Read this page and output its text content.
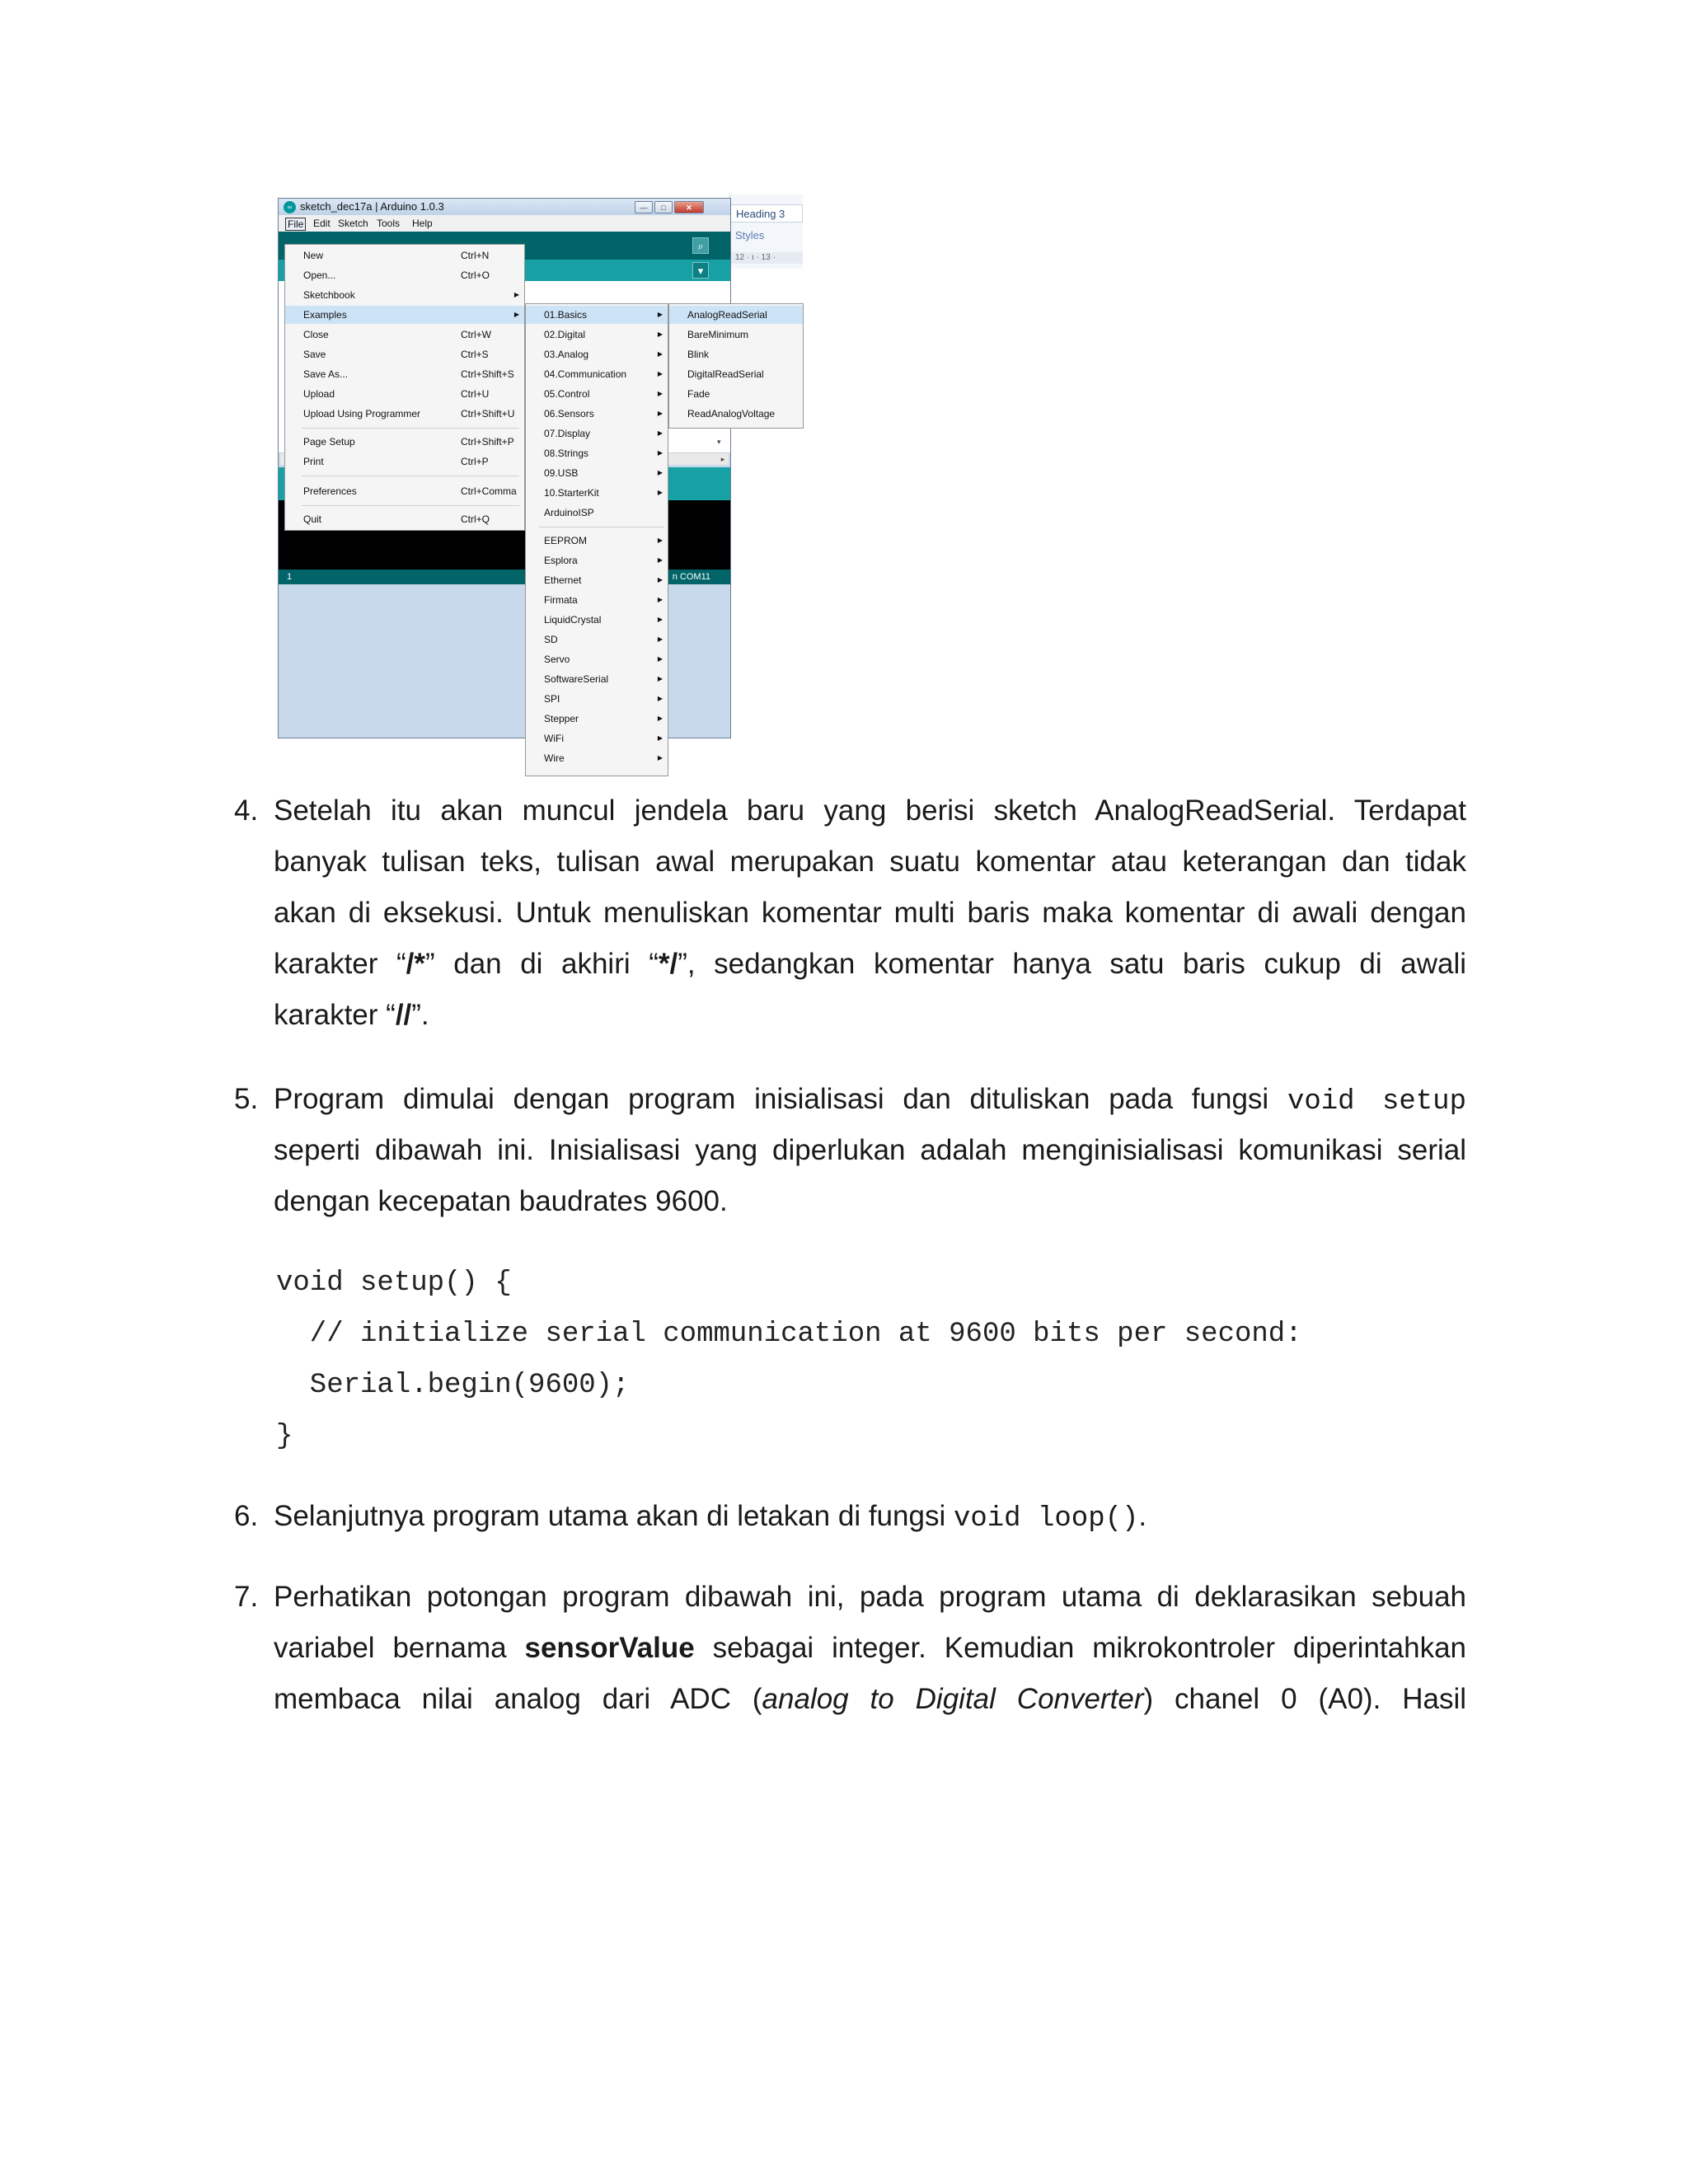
Heading 3
Styles
12 · ı · 13 ·
∞ sketch_dec17a | Arduino 1.0.3	—	□	✕
File Edit Sketch Tools Help
⌕
▾
▾
▸
1	n COM11
New	Ctrl+N
Open...	Ctrl+O
Sketchbook	▶
Examples	▶
Close	Ctrl+W
Save	Ctrl+S
Save As...	Ctrl+Shift+S
Upload	Ctrl+U
Upload Using Programmer	Ctrl+Shift+U
Page Setup	Ctrl+Shift+P
Print	Ctrl+P
Preferences	Ctrl+Comma
Quit	Ctrl+Q
01.Basics	▶
02.Digital	▶
03.Analog	▶
04.Communication	▶
05.Control	▶
06.Sensors	▶
07.Display	▶
08.Strings	▶
09.USB	▶
10.StarterKit	▶
ArduinoISP
EEPROM	▶
Esplora	▶
Ethernet	▶
Firmata	▶
LiquidCrystal	▶
SD	▶
Servo	▶
SoftwareSerial	▶
SPI	▶
Stepper	▶
WiFi	▶
Wire	▶
AnalogReadSerial
BareMinimum
Blink
DigitalReadSerial
Fade
ReadAnalogVoltage
4. Setelah itu akan muncul jendela baru yang berisi sketch AnalogReadSerial. Terdapat
banyak tulisan teks, tulisan awal merupakan suatu komentar atau keterangan dan tidak
akan di eksekusi. Untuk menuliskan komentar multi baris maka komentar di awali dengan
karakter “/*” dan di akhiri “*/”, sedangkan komentar hanya satu baris cukup di awali
karakter “//”.
5. Program dimulai dengan program inisialisasi dan dituliskan pada fungsi void setup
seperti dibawah ini. Inisialisasi yang diperlukan adalah menginisialisasi komunikasi serial
dengan kecepatan baudrates 9600.
void setup() {
// initialize serial communication at 9600 bits per second:
Serial.begin(9600);
}
6. Selanjutnya program utama akan di letakan di fungsi void loop().
7. Perhatikan potongan program dibawah ini, pada program utama di deklarasikan sebuah
variabel bernama sensorValue sebagai integer. Kemudian mikrokontroler diperintahkan
membaca nilai analog dari ADC (analog to Digital Converter) chanel 0 (A0). Hasil
